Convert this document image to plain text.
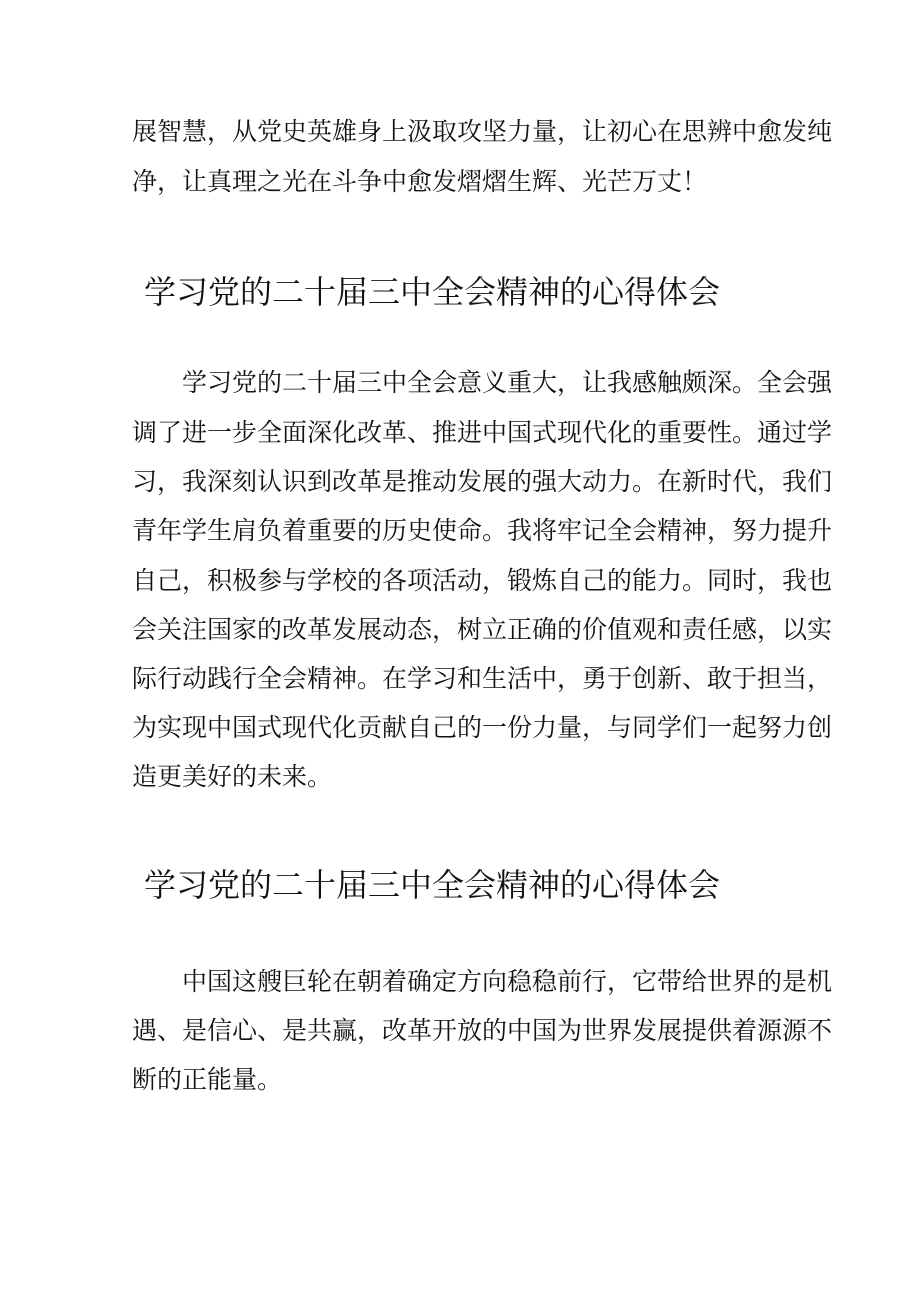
展智慧，从党史英雄身上汲取攻坚力量，让初心在思辨中愈发纯
净，让真理之光在斗争中愈发熠熠生辉、光芒万丈！
学习党的二十届三中全会精神的心得体会
学习党的二十届三中全会意义重大，让我感触颇深。全会强
调了进一步全面深化改革、推进中国式现代化的重要性。通过学
习，我深刻认识到改革是推动发展的强大动力。在新时代，我们
青年学生肩负着重要的历史使命。我将牢记全会精神，努力提升
自己，积极参与学校的各项活动，锻炼自己的能力。同时，我也
会关注国家的改革发展动态，树立正确的价值观和责任感，以实
际行动践行全会精神。在学习和生活中，勇于创新、敢于担当，
为实现中国式现代化贡献自己的一份力量，与同学们一起努力创
造更美好的未来。
学习党的二十届三中全会精神的心得体会
中国这艘巨轮在朝着确定方向稳稳前行，它带给世界的是机
遇、是信心、是共赢，改革开放的中国为世界发展提供着源源不
断的正能量。
